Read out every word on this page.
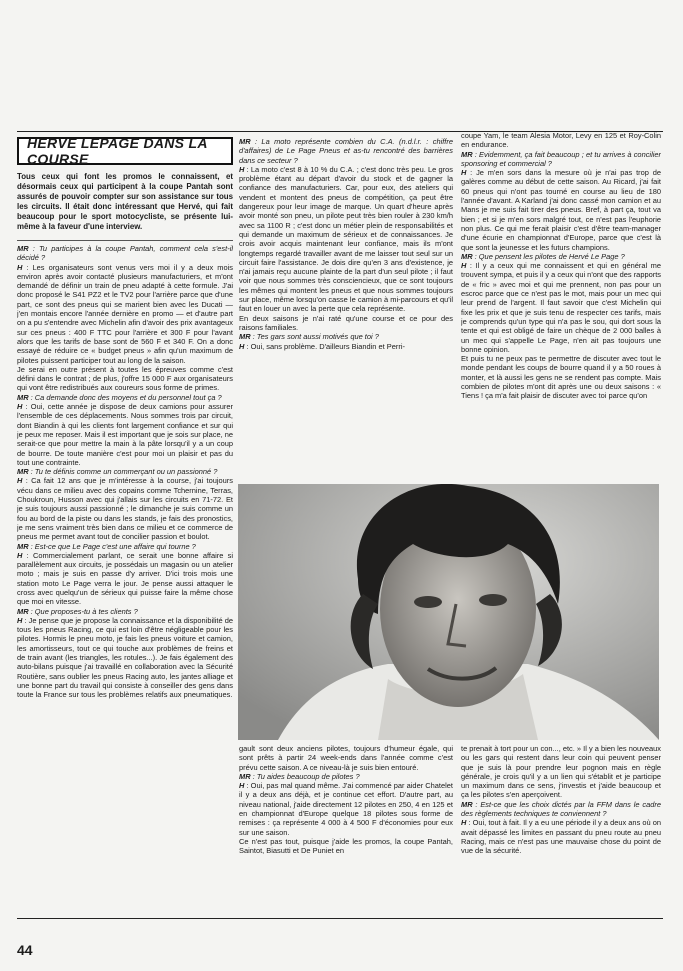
HERVE LEPAGE DANS LA COURSE

Tous ceux qui font les promos le connaissent, et désormais ceux qui participent à la coupe Pantah sont assurés de pouvoir compter sur son assistance sur tous les circuits. Il était donc intéressant que Hervé, qui fait beaucoup pour le sport motocycliste, se présente lui-même à la faveur d'une interview.

MR : Tu participes à la coupe Pantah, comment cela s'est-il décidé ?

H : Les organisateurs sont venus vers moi il y a deux mois environ après avoir contacté plusieurs manufacturiers, et m'ont demandé de définir un train de pneu adapté à cette formule. J'ai donc proposé le S41 PZ2 et le TV2 pour l'arrière parce que d'une part, ce sont des pneus qui se marient bien avec les Ducati — j'en montais encore l'année dernière en promo — et d'autre part on a pu s'entendre avec Michelin afin d'avoir des prix avantageux sur ces pneus : 400 F TTC pour l'arrière et 300 F pour l'avant alors que les tarifs de base sont de 560 F et 340 F. On a donc essayé de réduire ce « budget pneus » afin qu'un maximum de pilotes puissent participer tout au long de la saison.

Je serai en outre présent à toutes les épreuves comme c'est défini dans le contrat ; de plus, j'offre 15 000 F aux organisateurs qui vont être redistribués aux coureurs sous forme de primes.

MR : Ca demande donc des moyens et du personnel tout ça ?

H : Oui, cette année je dispose de deux camions pour assurer l'ensemble de ces déplacements. Nous sommes trois par circuit, dont Biandin à qui les clients font largement confiance et sur qui je peux me reposer. Mais il est important que je sois sur place, ne serait-ce que pour mettre la main à la pâte lorsqu'il y a un coup de bourre. De toute manière c'est pour moi un plaisir et pas du tout une contrainte.

MR : Tu te définis comme un commerçant ou un passionné ?

H : Ca fait 12 ans que je m'intéresse à la course, j'ai toujours vécu dans ce milieu avec des copains comme Tchernine, Terras, Choukroun, Husson avec qui j'allais sur les circuits en 71-72. Et je suis toujours aussi passionné ; le dimanche je suis comme un fou au bord de la piste ou dans les stands, je fais des pronostics, je me sens vraiment très bien dans ce milieu et ce commerce de pneus me permet avant tout de concilier passion et boulot.

MR : Est-ce que Le Page c'est une affaire qui tourne ?

H : Commercialement parlant, ce serait une bonne affaire si parallèlement aux circuits, je possédais un magasin ou un atelier moto ; mais je suis en passe d'y arriver. D'ici trois mois une station moto Le Page verra le jour. Je pense aussi attaquer le cross avec quelqu'un de sérieux qui puisse faire la même chose que moi en vitesse.

MR : Que proposes-tu à tes clients ?

H : Je pense que je propose la connaissance et la disponibilité de tous les pneus Racing, ce qui est loin d'être négligeable pour les pilotes. Hormis le pneu moto, je fais les pneus voiture et camion, les amortisseurs, tout ce qui touche aux problèmes de freins et de train avant (les triangles, les rotules...). Je fais également des auto-bilans puisque j'ai travaillé en collaboration avec la Sécurité Routière, sans oublier les pneus Racing auto, les jantes alliage et une bonne part du travail qui consiste à conseiller des gens dans toute la France sur tous les problèmes relatifs aux pneumatiques.

MR : La moto représente combien du C.A. (n.d.l.r. : chiffre d'affaires) de Le Page Pneus et as-tu rencontré des barrières dans ce secteur ?

H : La moto c'est 8 à 10 % du C.A. ; c'est donc très peu. Le gros problème étant au départ d'avoir du stock et de gagner la confiance des manufacturiers. Car, pour eux, des ateliers qui vendent et montent des pneus de compétition, ça peut être dangereux pour leur image de marque. Un quart d'heure après avoir monté son pneu, un pilote peut très bien rouler à 230 km/h avec sa 1100 R ; c'est donc un métier plein de responsabilités et qui demande un maximum de sérieux et de connaissances. Je crois avoir acquis maintenant leur confiance, mais ils m'ont longtemps regardé travailler avant de me laisser tout seul sur un circuit faire l'assistance. Je dois dire qu'en 3 ans d'existence, je n'ai jamais reçu aucune plainte de la part d'un seul pilote ; il faut voir que nous sommes très consciencieux, que ce sont toujours les mêmes qui montent les pneus et que nous sommes toujours sur place, même lorsqu'on casse le camion à mi-parcours et qu'il faut en louer un avec la perte que cela représente.

En deux saisons je n'ai raté qu'une course et ce pour des raisons familiales.

MR : Tes gars sont aussi motivés que toi ?

H : Oui, sans problème. D'ailleurs Biandin et Perri-

coupe Yam, le team Alesia Motor, Levy en 125 et Roy-Colin en endurance.

MR : Evidemment, ça fait beaucoup ; et tu arrives à concilier sponsoring et commercial ?

H : Je m'en sors dans la mesure où je n'ai pas trop de galères comme au début de cette saison. Au Ricard, j'ai fait 60 pneus qui n'ont pas tourné en course au lieu de 180 l'année d'avant. A Karland j'ai donc cassé mon camion et au Mans je me suis fait tirer des pneus. Bref, à part ça, tout va bien ; et si je m'en sors malgré tout, ce n'est pas l'euphorie non plus. Ce qui me ferait plaisir c'est d'être team-manager d'une écurie en championnat d'Europe, parce que c'est là que sont la jeunesse et les futurs champions.

MR : Que pensent les pilotes de Hervé Le Page ?

H : Il y a ceux qui me connaissent et qui en général me trouvent sympa, et puis il y a ceux qui n'ont que des rapports de « fric » avec moi et qui me prennent, non pas pour un escroc parce que ce n'est pas le mot, mais pour un mec qui leur prend de l'argent. Il faut savoir que c'est Michelin qui fixe les prix et que je suis tenu de respecter ces tarifs, mais je comprends qu'un type qui n'a pas le sou, qui dort sous la tente et qui est obligé de faire un chèque de 2 000 balles à un mec qui s'appelle Le Page, n'en ait pas toujours une bonne opinion.

Et puis tu ne peux pas te permettre de discuter avec tout le monde pendant les coups de bourre quand il y a 50 roues à monter, et là aussi les gens ne se rendent pas compte. Mais combien de pilotes m'ont dit après une ou deux saisons : « Tiens ! ça m'a fait plaisir de discuter avec toi parce qu'on

gault sont deux anciens pilotes, toujours d'humeur égale, qui sont prêts à partir 24 week-ends dans l'année comme c'est prévu cette saison. A ce niveau-là je suis bien entouré.

MR : Tu aides beaucoup de pilotes ?

H : Oui, pas mal quand même. J'ai commencé par aider Chatelet il y a deux ans déjà, et je continue cet effort. D'autre part, au niveau national, j'aide directement 12 pilotes en 250, 4 en 125 et en championnat d'Europe quelque 18 pilotes sous forme de remises : ça représente 4 000 à 4 500 F d'économies pour eux sur une saison.

Ce n'est pas tout, puisque j'aide les promos, la coupe Pantah, Saintot, Biasutti et De Puniet en

te prenait à tort pour un con..., etc. » Il y a bien les nouveaux ou les gars qui restent dans leur coin qui peuvent penser que je suis là pour prendre leur pognon mais en règle générale, je crois qu'il y a un lien qui s'établit et je participe un maximum dans ce sens, j'investis et j'aide beaucoup et ça les pilotes s'en aperçoivent.

MR : Est-ce que les choix dictés par la FFM dans le cadre des règlements techniques te conviennent ?

H : Oui, tout à fait. Il y a eu une période il y a deux ans où on avait dépassé les limites en passant du pneu route au pneu Racing, mais ce n'est pas une mauvaise chose du point de vue de la sécurité.

44
